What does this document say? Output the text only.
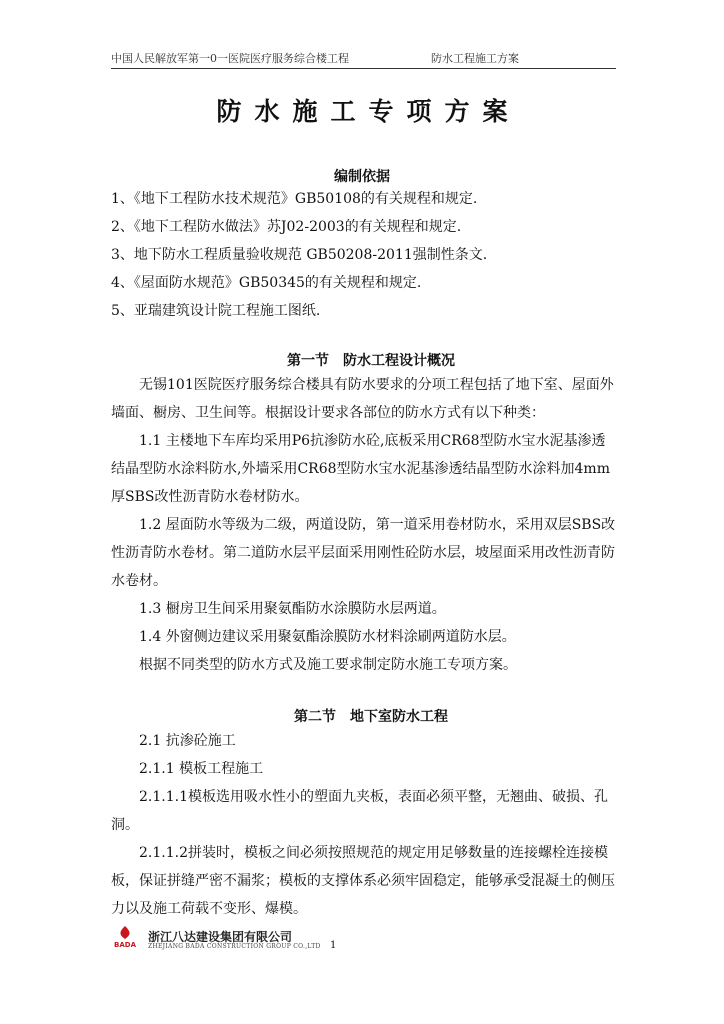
中国人民解放军第一0一医院医疗服务综合楼工程	防水工程施工方案
防水施工专项方案
编制依据
1、《地下工程防水技术规范》GB50108的有关规程和规定.
2、《地下工程防水做法》苏J02-2003的有关规程和规定.
3、地下防水工程质量验收规范 GB50208-2011强制性条文.
4、《屋面防水规范》GB50345的有关规程和规定.
5、亚瑞建筑设计院工程施工图纸.
第一节 防水工程设计概况
无锡101医院医疗服务综合楼具有防水要求的分项工程包括了地下室、屋面外墙面、橱房、卫生间等。根据设计要求各部位的防水方式有以下种类：
1.1 主楼地下车库均采用P6抗渗防水砼,底板采用CR68型防水宝水泥基渗透结晶型防水涂料防水,外墙采用CR68型防水宝水泥基渗透结晶型防水涂料加4mm厚SBS改性沥青防水卷材防水。
1.2 屋面防水等级为二级，两道设防，第一道采用卷材防水，采用双层SBS改性沥青防水卷材。第二道防水层平层面采用刚性砼防水层，坡屋面采用改性沥青防水卷材。
1.3 橱房卫生间采用聚氨酯防水涂膜防水层两道。
1.4 外窗侧边建议采用聚氨酯涂膜防水材料涂刷两道防水层。
根据不同类型的防水方式及施工要求制定防水施工专项方案。
第二节 地下室防水工程
2.1 抗渗砼施工
2.1.1 模板工程施工
2.1.1.1模板选用吸水性小的塑面九夹板，表面必须平整，无翘曲、破损、孔洞。
2.1.1.2拼装时，模板之间必须按照规范的规定用足够数量的连接螺栓连接模板，保证拼缝严密不漏浆；模板的支撑体系必须牢固稳定，能够承受混凝土的侧压力以及施工荷载不变形、爆模。
BADA
浙江八达建设集团有限公司
ZHEJIANG BADA CONSTRUCTION GROUP CO.,LTD 1
